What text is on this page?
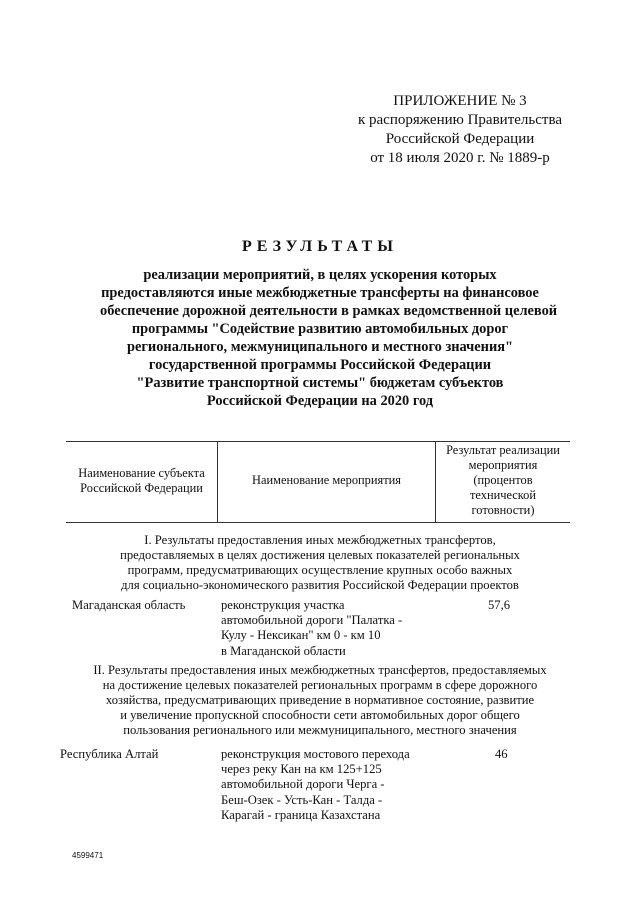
ПРИЛОЖЕНИЕ № 3
к распоряжению Правительства
Российской Федерации
от 18 июля 2020 г. № 1889-р
РЕЗУЛЬТАТЫ
реализации мероприятий, в целях ускорения которых
предоставляются иные межбюджетные трансферты на финансовое
обеспечение дорожной деятельности в рамках ведомственной целевой
программы "Содействие развитию автомобильных дорог
регионального, межмуниципального и местного значения"
государственной программы Российской Федерации
"Развитие транспортной системы" бюджетам субъектов
Российской Федерации на 2020 год
Наименование субъекта
Российской Федерации
Наименование мероприятия
Результат реализации
мероприятия
(процентов
технической
готовности)
I. Результаты предоставления иных межбюджетных трансфертов,
предоставляемых в целях достижения целевых показателей региональных
программ, предусматривающих осуществление крупных особо важных
для социально-экономического развития Российской Федерации проектов
Магаданская область	реконструкция участка
автомобильной дороги "Палатка -
Кулу - Нексикан" км 0 - км 10
в Магаданской области
57,6
II. Результаты предоставления иных межбюджетных трансфертов, предоставляемых
на достижение целевых показателей региональных программ в сфере дорожного
хозяйства, предусматривающих приведение в нормативное состояние, развитие
и увеличение пропускной способности сети автомобильных дорог общего
пользования регионального или межмуниципального, местного значения
Республика Алтай	реконструкция мостового перехода
через реку Кан на км 125+125
автомобильной дороги Черга -
Беш-Озек - Усть-Кан - Талда -
Карагай - граница Казахстана
46
4599471
